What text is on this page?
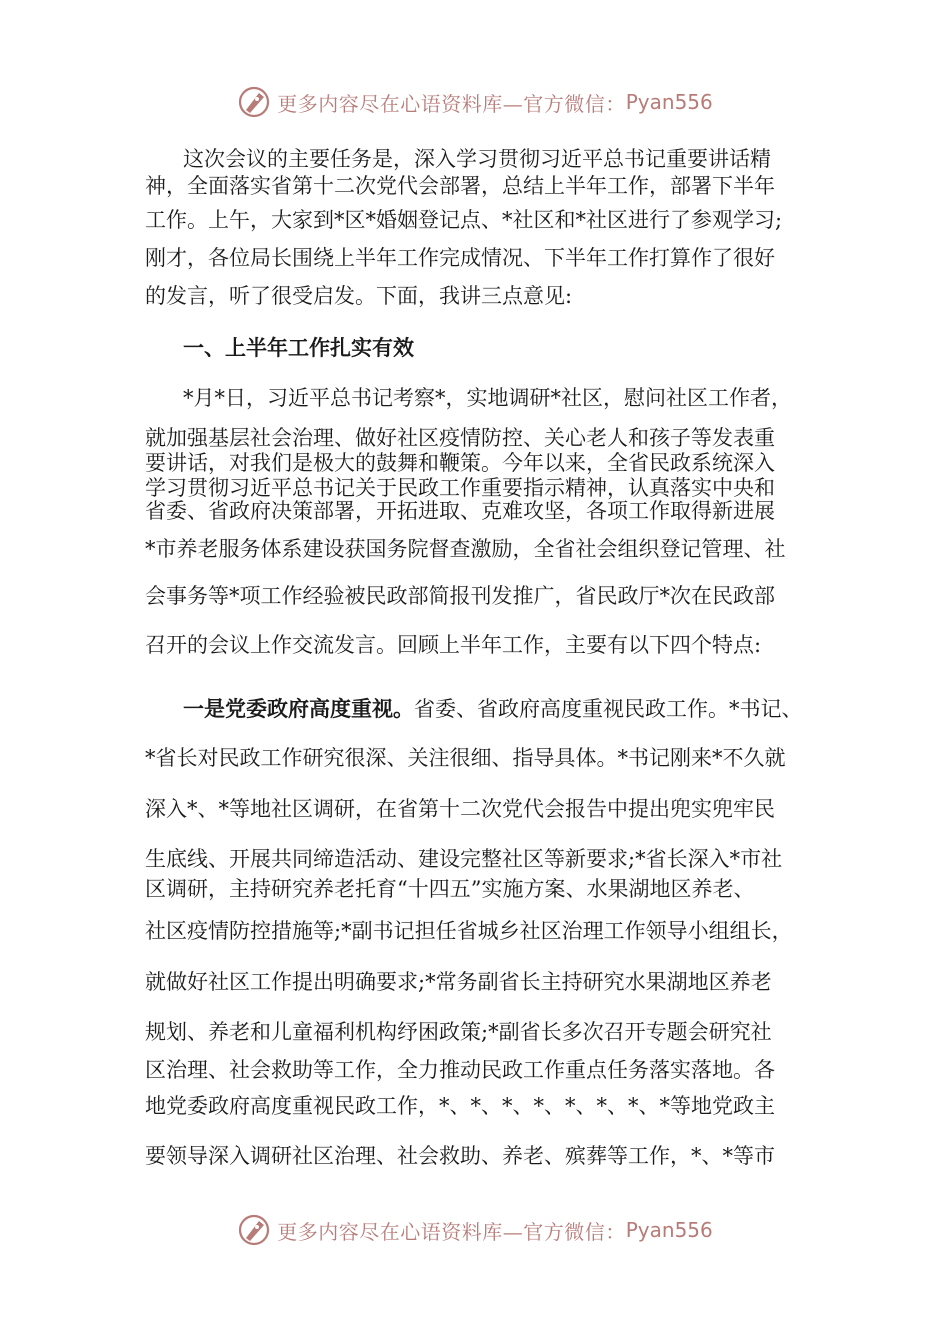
更多内容尽在心语资料库—官方微信： Pyan556
这次会议的主要任务是，深入学习贯彻习近平总书记重要讲话精
神，全面落实省第十二次党代会部署，总结上半年工作，部署下半年
工作。上午，大家到*区*婚姻登记点、*社区和*社区进行了参观学习;
刚才，各位局长围绕上半年工作完成情况、下半年工作打算作了很好
的发言，听了很受启发。下面，我讲三点意见:
一、上半年工作扎实有效
*月*日，习近平总书记考察*，实地调研*社区，慰问社区工作者，
就加强基层社会治理、做好社区疫情防控、关心老人和孩子等发表重
要讲话，对我们是极大的鼓舞和鞭策。今年以来，全省民政系统深入
学习贯彻习近平总书记关于民政工作重要指示精神，认真落实中央和
省委、省政府决策部署，开拓进取、克难攻坚，各项工作取得新进展
*市养老服务体系建设获国务院督查激励，全省社会组织登记管理、社
会事务等*项工作经验被民政部简报刊发推广，省民政厅*次在民政部
召开的会议上作交流发言。回顾上半年工作，主要有以下四个特点:
一是党委政府高度重视。省委、省政府高度重视民政工作。*书记、
*省长对民政工作研究很深、关注很细、指导具体。*书记刚来*不久就
深入*、*等地社区调研，在省第十二次党代会报告中提出兜实兜牢民
生底线、开展共同缔造活动、建设完整社区等新要求;*省长深入*市社
区调研，主持研究养老托育“十四五”实施方案、水果湖地区养老、
社区疫情防控措施等;*副书记担任省城乡社区治理工作领导小组组长，
就做好社区工作提出明确要求;*常务副省长主持研究水果湖地区养老
规划、养老和儿童福利机构纾困政策;*副省长多次召开专题会研究社
区治理、社会救助等工作，全力推动民政工作重点任务落实落地。各
地党委政府高度重视民政工作，*、*、*、*、*、*、*、*等地党政主
要领导深入调研社区治理、社会救助、养老、殡葬等工作，*、*等市
更多内容尽在心语资料库—官方微信： Pyan556
